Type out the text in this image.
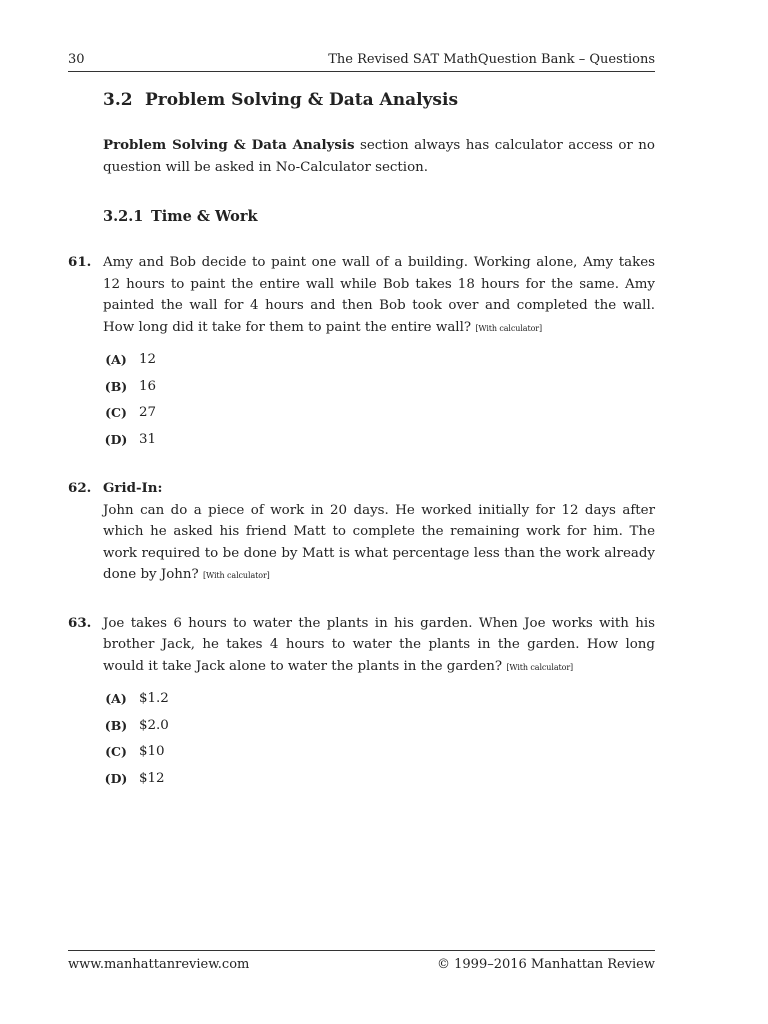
30	The Revised SAT MathQuestion Bank – Questions
3.2 Problem Solving & Data Analysis

Problem Solving & Data Analysis section always has calculator access or no question will be asked in No-Calculator section.

3.2.1 Time & Work
61. Amy and Bob decide to paint one wall of a building. Working alone, Amy takes 12 hours to paint the entire wall while Bob takes 18 hours for the same. Amy painted the wall for 4 hours and then Bob took over and completed the wall. How long did it take for them to paint the entire wall? [With calculator]
(A) 12
(B) 16
(C) 27
(D) 31
62. Grid-In:
John can do a piece of work in 20 days. He worked initially for 12 days after which he asked his friend Matt to complete the remaining work for him. The work required to be done by Matt is what percentage less than the work already done by John? [With calculator]
63. Joe takes 6 hours to water the plants in his garden. When Joe works with his brother Jack, he takes 4 hours to water the plants in the garden. How long would it take Jack alone to water the plants in the garden? [With calculator]
(A) $1.2
(B) $2.0
(C) $10
(D) $12
www.manhattanreview.com	© 1999–2016 Manhattan Review
